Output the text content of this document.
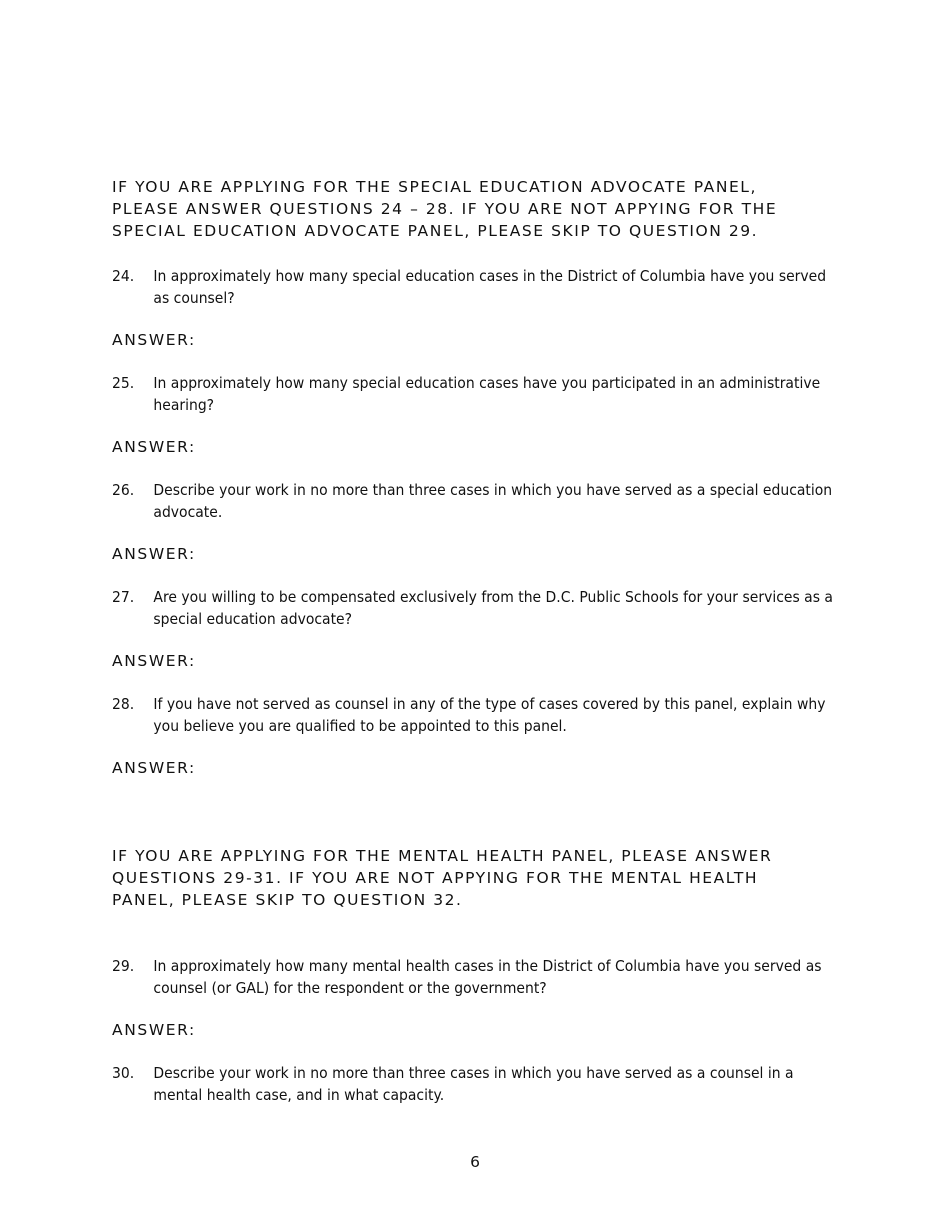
IF YOU ARE APPLYING FOR THE SPECIAL EDUCATION ADVOCATE PANEL,
PLEASE ANSWER QUESTIONS 24 – 28. IF YOU ARE NOT APPYING FOR THE
SPECIAL EDUCATION ADVOCATE PANEL, PLEASE SKIP TO QUESTION 29.

24.	In approximately how many special education cases in the District of Columbia have you served as counsel?

ANSWER:

25.	In approximately how many special education cases have you participated in an administrative hearing?

ANSWER:

26.	Describe your work in no more than three cases in which you have served as a special education advocate.

ANSWER:

27.	Are you willing to be compensated exclusively from the D.C. Public Schools for your services as a special education advocate?

ANSWER:

28.	If you have not served as counsel in any of the type of cases covered by this panel, explain why you believe you are qualified to be appointed to this panel.

ANSWER:

IF YOU ARE APPLYING FOR THE MENTAL HEALTH PANEL, PLEASE ANSWER
QUESTIONS 29-31. IF YOU ARE NOT APPYING FOR THE MENTAL HEALTH
PANEL, PLEASE SKIP TO QUESTION 32.

29.	In approximately how many mental health cases in the District of Columbia have you served as counsel (or GAL) for the respondent or the government?

ANSWER:

30.	Describe your work in no more than three cases in which you have served as a counsel in a mental health case, and in what capacity.
6
